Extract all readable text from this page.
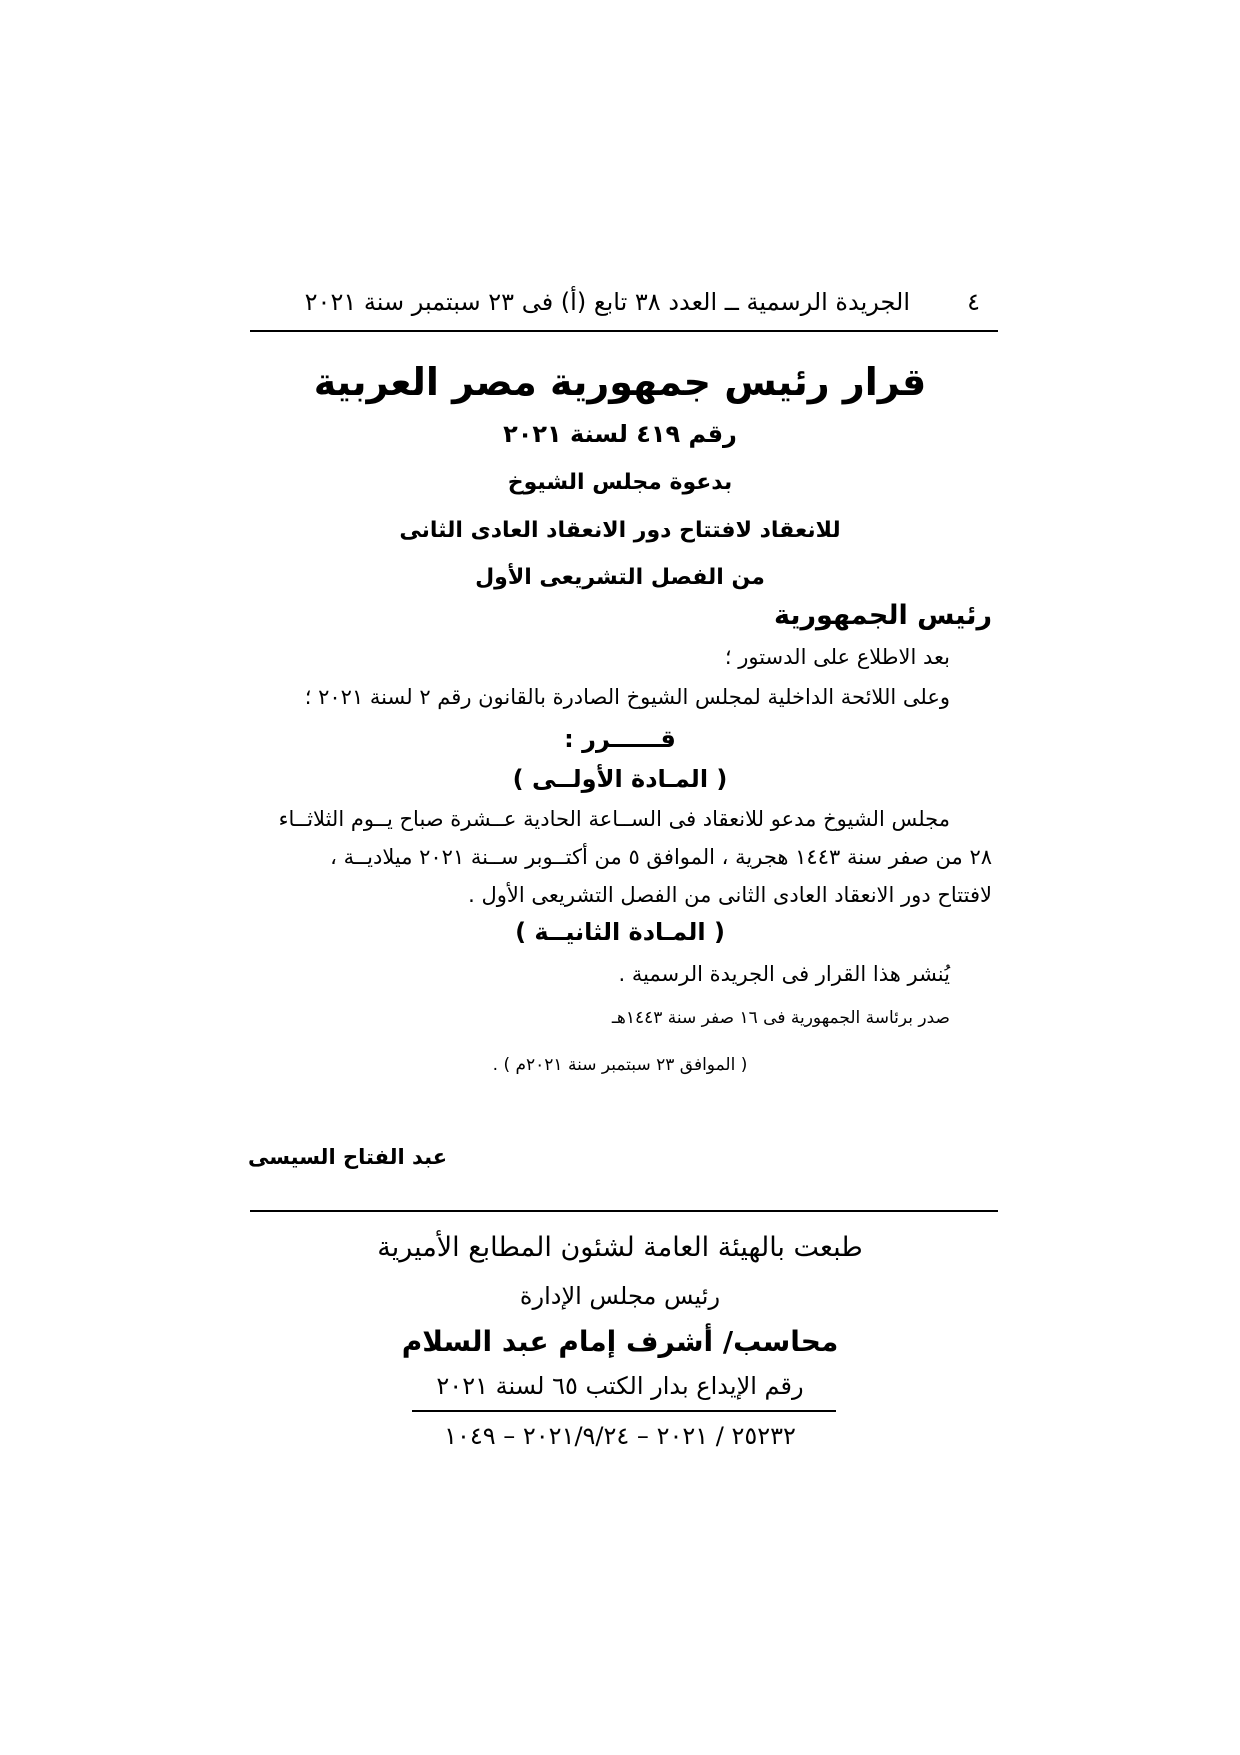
٤
الجريدة الرسمية ــ العدد ٣٨ تابع (أ) فى ٢٣ سبتمبر سنة ٢٠٢١
قرار رئيس جمهورية مصر العربية
رقم ٤١٩ لسنة ٢٠٢١
بدعوة مجلس الشيوخ
للانعقاد لافتتاح دور الانعقاد العادى الثانى
من الفصل التشريعى الأول
رئيس الجمهورية
بعد الاطلاع على الدستور ؛
وعلى اللائحة الداخلية لمجلس الشيوخ الصادرة بالقانون رقم ٢ لسنة ٢٠٢١ ؛
قــــــرر :
( المـادة الأولــى )
مجلس الشيوخ مدعو للانعقاد فى الســاعة الحادية عــشرة صباح يــوم الثلاثــاء
٢٨ من صفر سنة ١٤٤٣ هجرية ، الموافق ٥ من أكتــوبر ســنة ٢٠٢١ ميلاديــة ،
لافتتاح دور الانعقاد العادى الثانى من الفصل التشريعى الأول .
( المـادة الثانيــة )
يُنشر هذا القرار فى الجريدة الرسمية .
صدر برئاسة الجمهورية فى ١٦ صفر سنة ١٤٤٣هـ
( الموافق ٢٣ سبتمبر سنة ٢٠٢١م ) .
عبد الفتاح السيسى
طبعت بالهيئة العامة لشئون المطابع الأميرية
رئيس مجلس الإدارة
محاسب/ أشرف إمام عبد السلام
رقم الإيداع بدار الكتب ٦٥ لسنة ٢٠٢١
٢٥٢٣٢ / ٢٠٢١ – ٢٠٢١/٩/٢٤ – ١٠٤٩
